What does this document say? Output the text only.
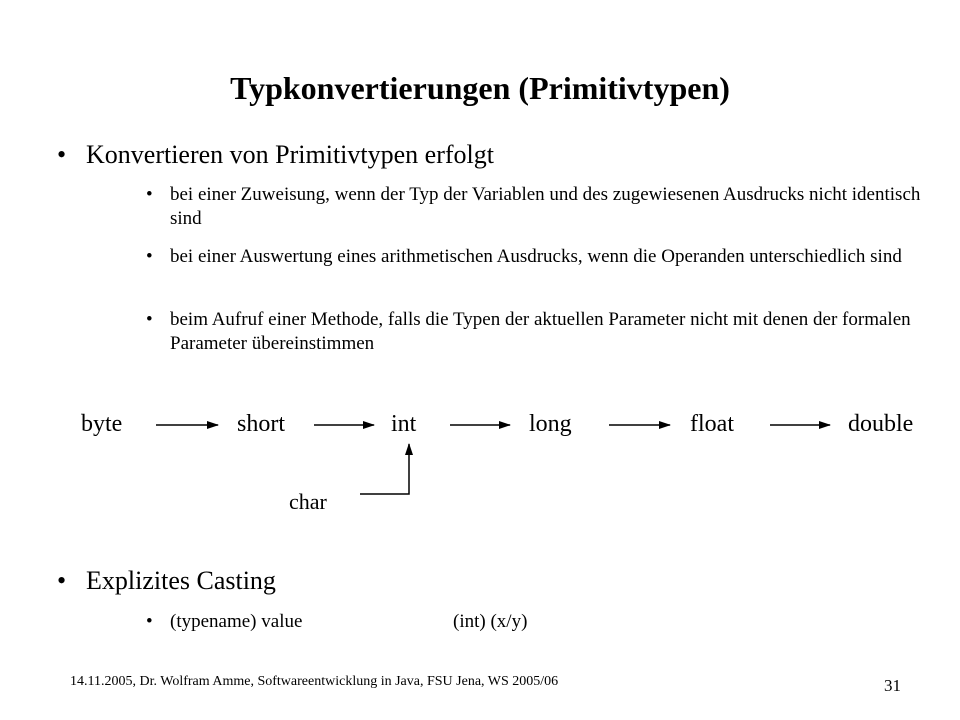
Typkonvertierungen (Primitivtypen)
• Konvertieren von Primitivtypen erfolgt
• bei einer Zuweisung, wenn der Typ der Variablen und des zugewiesenen Ausdrucks nicht identisch sind
• bei einer Auswertung eines arithmetischen Ausdrucks, wenn die Operanden unterschiedlich sind
• beim Aufruf einer Methode, falls die Typen der aktuellen Parameter nicht mit denen der formalen Parameter übereinstimmen
byte	short	int	long	float	double
char
• Explizites Casting
• (typename) value	(int) (x/y)
14.11.2005, Dr. Wolfram Amme, Softwareentwicklung in Java, FSU Jena, WS 2005/06	31
